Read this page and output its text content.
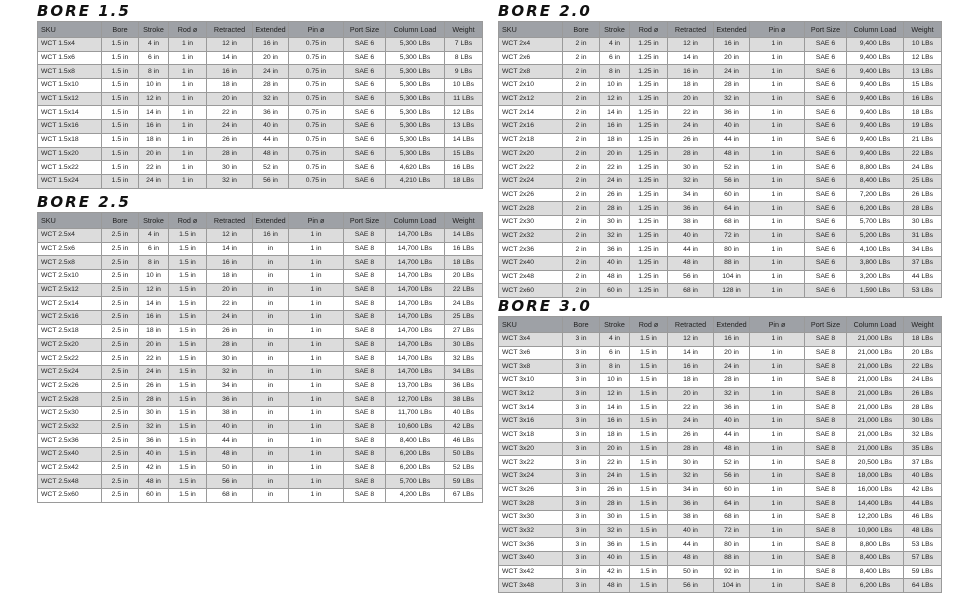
BORE 1.5
SKU	Bore	Stroke	Rod ø	Retracted	Extended	Pin ø	Port Size	Column Load	Weight
WCT 1.5x4	1.5 in	4 in	1 in	12 in	16 in	0.75 in	SAE 6	5,300 LBs	7 LBs
WCT 1.5x6	1.5 in	6 in	1 in	14 in	20 in	0.75 in	SAE 6	5,300 LBs	8 LBs
WCT 1.5x8	1.5 in	8 in	1 in	16 in	24 in	0.75 in	SAE 6	5,300 LBs	9 LBs
WCT 1.5x10	1.5 in	10 in	1 in	18 in	28 in	0.75 in	SAE 6	5,300 LBs	10 LBs
WCT 1.5x12	1.5 in	12 in	1 in	20 in	32 in	0.75 in	SAE 6	5,300 LBs	11 LBs
WCT 1.5x14	1.5 in	14 in	1 in	22 in	36 in	0.75 in	SAE 6	5,300 LBs	12 LBs
WCT 1.5x16	1.5 in	16 in	1 in	24 in	40 in	0.75 in	SAE 6	5,300 LBs	13 LBs
WCT 1.5x18	1.5 in	18 in	1 in	26 in	44 in	0.75 in	SAE 6	5,300 LBs	14 LBs
WCT 1.5x20	1.5 in	20 in	1 in	28 in	48 in	0.75 in	SAE 6	5,300 LBs	15 LBs
WCT 1.5x22	1.5 in	22 in	1 in	30 in	52 in	0.75 in	SAE 6	4,620 LBs	16 LBs
WCT 1.5x24	1.5 in	24 in	1 in	32 in	56 in	0.75 in	SAE 6	4,210 LBs	18 LBs
BORE 2.5
SKU	Bore	Stroke	Rod ø	Retracted	Extended	Pin ø	Port Size	Column Load	Weight
WCT 2.5x4	2.5 in	4 in	1.5 in	12 in	16 in	1 in	SAE 8	14,700 LBs	14 LBs
WCT 2.5x6	2.5 in	6 in	1.5 in	14 in	in	1 in	SAE 8	14,700 LBs	16 LBs
WCT 2.5x8	2.5 in	8 in	1.5 in	16 in	in	1 in	SAE 8	14,700 LBs	18 LBs
WCT 2.5x10	2.5 in	10 in	1.5 in	18 in	in	1 in	SAE 8	14,700 LBs	20 LBs
WCT 2.5x12	2.5 in	12 in	1.5 in	20 in	in	1 in	SAE 8	14,700 LBs	22 LBs
WCT 2.5x14	2.5 in	14 in	1.5 in	22 in	in	1 in	SAE 8	14,700 LBs	24 LBs
WCT 2.5x16	2.5 in	16 in	1.5 in	24 in	in	1 in	SAE 8	14,700 LBs	25 LBs
WCT 2.5x18	2.5 in	18 in	1.5 in	26 in	in	1 in	SAE 8	14,700 LBs	27 LBs
WCT 2.5x20	2.5 in	20 in	1.5 in	28 in	in	1 in	SAE 8	14,700 LBs	30 LBs
WCT 2.5x22	2.5 in	22 in	1.5 in	30 in	in	1 in	SAE 8	14,700 LBs	32 LBs
WCT 2.5x24	2.5 in	24 in	1.5 in	32 in	in	1 in	SAE 8	14,700 LBs	34 LBs
WCT 2.5x26	2.5 in	26 in	1.5 in	34 in	in	1 in	SAE 8	13,700 LBs	36 LBs
WCT 2.5x28	2.5 in	28 in	1.5 in	36 in	in	1 in	SAE 8	12,700 LBs	38 LBs
WCT 2.5x30	2.5 in	30 in	1.5 in	38 in	in	1 in	SAE 8	11,700 LBs	40 LBs
WCT 2.5x32	2.5 in	32 in	1.5 in	40 in	in	1 in	SAE 8	10,600 LBs	42 LBs
WCT 2.5x36	2.5 in	36 in	1.5 in	44 in	in	1 in	SAE 8	8,400 LBs	46 LBs
WCT 2.5x40	2.5 in	40 in	1.5 in	48 in	in	1 in	SAE 8	6,200 LBs	50 LBs
WCT 2.5x42	2.5 in	42 in	1.5 in	50 in	in	1 in	SAE 8	6,200 LBs	52 LBs
WCT 2.5x48	2.5 in	48 in	1.5 in	56 in	in	1 in	SAE 8	5,700 LBs	59 LBs
WCT 2.5x60	2.5 in	60 in	1.5 in	68 in	in	1 in	SAE 8	4,200 LBs	67 LBs
BORE 2.0
SKU	Bore	Stroke	Rod ø	Retracted	Extended	Pin ø	Port Size	Column Load	Weight
WCT 2x4	2 in	4 in	1.25 in	12 in	16 in	1 in	SAE 6	9,400 LBs	10 LBs
WCT 2x6	2 in	6 in	1.25 in	14 in	20 in	1 in	SAE 6	9,400 LBs	12 LBs
WCT 2x8	2 in	8 in	1.25 in	16 in	24 in	1 in	SAE 6	9,400 LBs	13 LBs
WCT 2x10	2 in	10 in	1.25 in	18 in	28 in	1 in	SAE 6	9,400 LBs	15 LBs
WCT 2x12	2 in	12 in	1.25 in	20 in	32 in	1 in	SAE 6	9,400 LBs	16 LBs
WCT 2x14	2 in	14 in	1.25 in	22 in	36 in	1 in	SAE 6	9,400 LBs	18 LBs
WCT 2x16	2 in	16 in	1.25 in	24 in	40 in	1 in	SAE 6	9,400 LBs	19 LBs
WCT 2x18	2 in	18 in	1.25 in	26 in	44 in	1 in	SAE 6	9,400 LBs	21 LBs
WCT 2x20	2 in	20 in	1.25 in	28 in	48 in	1 in	SAE 6	9,400 LBs	22 LBs
WCT 2x22	2 in	22 in	1.25 in	30 in	52 in	1 in	SAE 6	8,800 LBs	24 LBs
WCT 2x24	2 in	24 in	1.25 in	32 in	56 in	1 in	SAE 6	8,400 LBs	25 LBs
WCT 2x26	2 in	26 in	1.25 in	34 in	60 in	1 in	SAE 6	7,200 LBs	26 LBs
WCT 2x28	2 in	28 in	1.25 in	36 in	64 in	1 in	SAE 6	6,200 LBs	28 LBs
WCT 2x30	2 in	30 in	1.25 in	38 in	68 in	1 in	SAE 6	5,700 LBs	30 LBs
WCT 2x32	2 in	32 in	1.25 in	40 in	72 in	1 in	SAE 6	5,200 LBs	31 LBs
WCT 2x36	2 in	36 in	1.25 in	44 in	80 in	1 in	SAE 6	4,100 LBs	34 LBs
WCT 2x40	2 in	40 in	1.25 in	48 in	88 in	1 in	SAE 6	3,800 LBs	37 LBs
WCT 2x48	2 in	48 in	1.25 in	56 in	104 in	1 in	SAE 6	3,200 LBs	44 LBs
WCT 2x60	2 in	60 in	1.25 in	68 in	128 in	1 in	SAE 6	1,590 LBs	53 LBs
BORE 3.0
SKU	Bore	Stroke	Rod ø	Retracted	Extended	Pin ø	Port Size	Column Load	Weight
WCT 3x4	3 in	4 in	1.5 in	12 in	16 in	1 in	SAE 8	21,000 LBs	18 LBs
WCT 3x6	3 in	6 in	1.5 in	14 in	20 in	1 in	SAE 8	21,000 LBs	20 LBs
WCT 3x8	3 in	8 in	1.5 in	16 in	24 in	1 in	SAE 8	21,000 LBs	22 LBs
WCT 3x10	3 in	10 in	1.5 in	18 in	28 in	1 in	SAE 8	21,000 LBs	24 LBs
WCT 3x12	3 in	12 in	1.5 in	20 in	32 in	1 in	SAE 8	21,000 LBs	26 LBs
WCT 3x14	3 in	14 in	1.5 in	22 in	36 in	1 in	SAE 8	21,000 LBs	28 LBs
WCT 3x16	3 in	16 in	1.5 in	24 in	40 in	1 in	SAE 8	21,000 LBs	30 LBs
WCT 3x18	3 in	18 in	1.5 in	26 in	44 in	1 in	SAE 8	21,000 LBs	32 LBs
WCT 3x20	3 in	20 in	1.5 in	28 in	48 in	1 in	SAE 8	21,000 LBs	35 LBs
WCT 3x22	3 in	22 in	1.5 in	30 in	52 in	1 in	SAE 8	20,500 LBs	37 LBs
WCT 3x24	3 in	24 in	1.5 in	32 in	56 in	1 in	SAE 8	18,000 LBs	40 LBs
WCT 3x26	3 in	26 in	1.5 in	34 in	60 in	1 in	SAE 8	16,000 LBs	42 LBs
WCT 3x28	3 in	28 in	1.5 in	36 in	64 in	1 in	SAE 8	14,400 LBs	44 LBs
WCT 3x30	3 in	30 in	1.5 in	38 in	68 in	1 in	SAE 8	12,200 LBs	46 LBs
WCT 3x32	3 in	32 in	1.5 in	40 in	72 in	1 in	SAE 8	10,900 LBs	48 LBs
WCT 3x36	3 in	36 in	1.5 in	44 in	80 in	1 in	SAE 8	8,800 LBs	53 LBs
WCT 3x40	3 in	40 in	1.5 in	48 in	88 in	1 in	SAE 8	8,400 LBs	57 LBs
WCT 3x42	3 in	42 in	1.5 in	50 in	92 in	1 in	SAE 8	8,400 LBs	59 LBs
WCT 3x48	3 in	48 in	1.5 in	56 in	104 in	1 in	SAE 8	6,200 LBs	64 LBs
